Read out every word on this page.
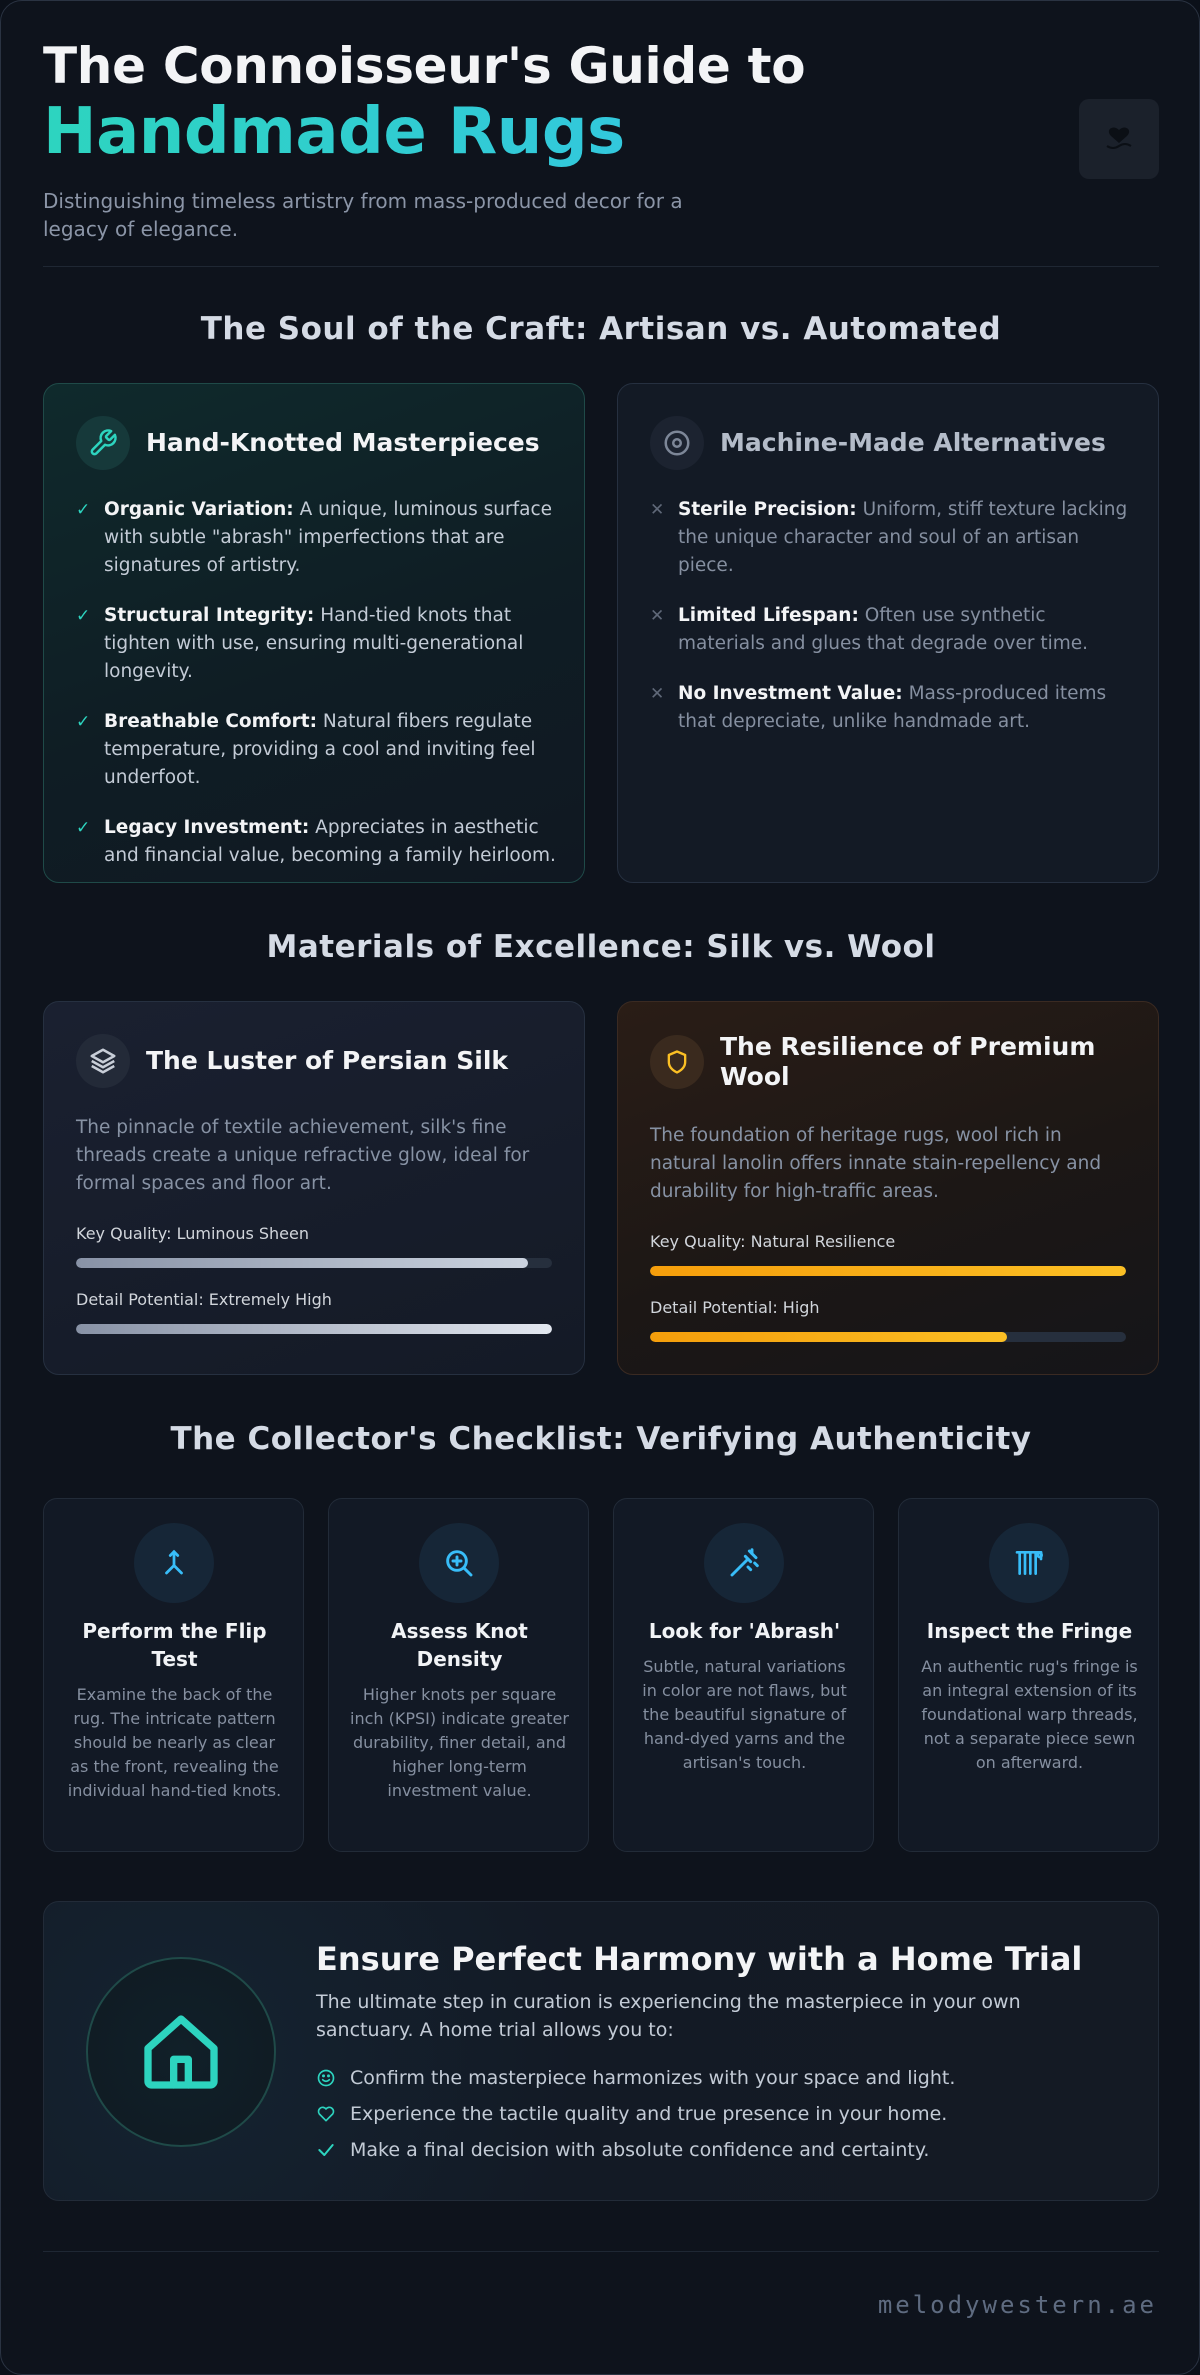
The Connoisseur's Guide to
Handmade Rugs
Distinguishing timeless artistry from mass-produced decor for a legacy of elegance.
The Soul of the Craft: Artisan vs. Automated
Hand-Knotted Masterpieces
✓ Organic Variation: A unique, luminous surface with subtle "abrash" imperfections that are signatures of artistry.
✓ Structural Integrity: Hand-tied knots that tighten with use, ensuring multi-generational longevity.
✓ Breathable Comfort: Natural fibers regulate temperature, providing a cool and inviting feel underfoot.
✓ Legacy Investment: Appreciates in aesthetic and financial value, becoming a family heirloom.
Machine-Made Alternatives
✕ Sterile Precision: Uniform, stiff texture lacking the unique character and soul of an artisan piece.
✕ Limited Lifespan: Often use synthetic materials and glues that degrade over time.
✕ No Investment Value: Mass-produced items that depreciate, unlike handmade art.
Materials of Excellence: Silk vs. Wool
The Luster of Persian Silk
The pinnacle of textile achievement, silk's fine threads create a unique refractive glow, ideal for formal spaces and floor art.
Key Quality: Luminous Sheen
Detail Potential: Extremely High
The Resilience of Premium Wool
The foundation of heritage rugs, wool rich in natural lanolin offers innate stain-repellency and durability for high-traffic areas.
Key Quality: Natural Resilience
Detail Potential: High
The Collector's Checklist: Verifying Authenticity
Perform the Flip Test
Examine the back of the rug. The intricate pattern should be nearly as clear as the front, revealing the individual hand-tied knots.
Assess Knot Density
Higher knots per square inch (KPSI) indicate greater durability, finer detail, and higher long-term investment value.
Look for 'Abrash'
Subtle, natural variations in color are not flaws, but the beautiful signature of hand-dyed yarns and the artisan's touch.
Inspect the Fringe
An authentic rug's fringe is an integral extension of its foundational warp threads, not a separate piece sewn on afterward.
Ensure Perfect Harmony with a Home Trial
The ultimate step in curation is experiencing the masterpiece in your own sanctuary. A home trial allows you to:
Confirm the masterpiece harmonizes with your space and light.
Experience the tactile quality and true presence in your home.
Make a final decision with absolute confidence and certainty.
melodywestern.ae
